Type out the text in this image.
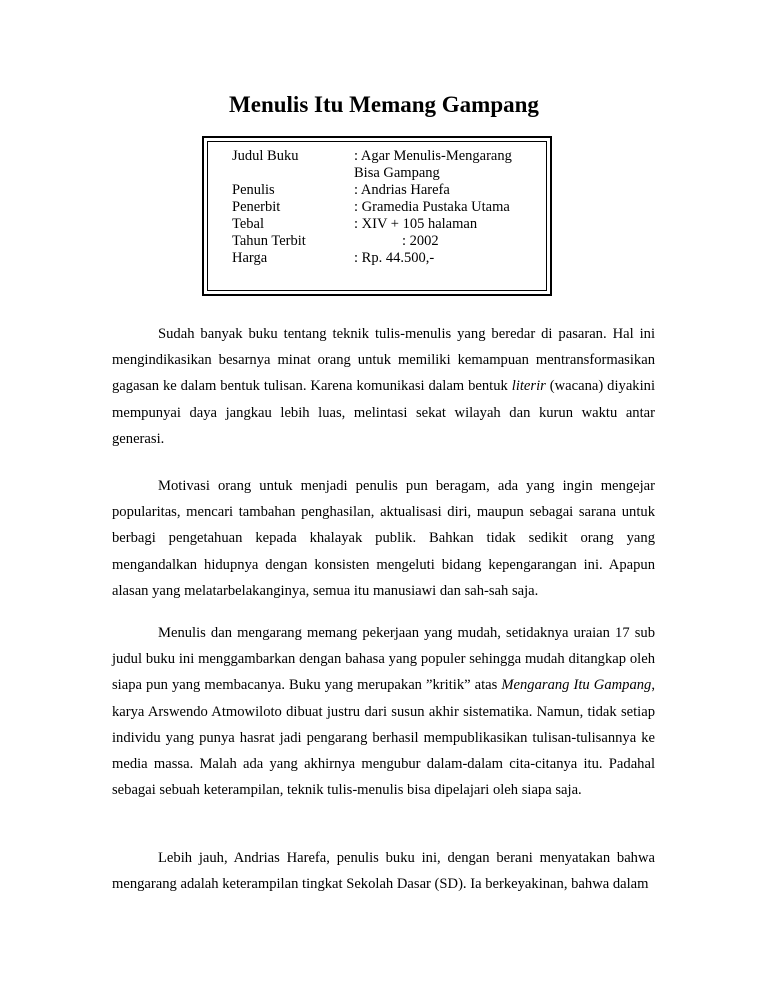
Menulis Itu Memang Gampang
Judul Buku	: Agar Menulis-Mengarang
Bisa Gampang
Penulis	: Andrias Harefa
Penerbit	: Gramedia Pustaka Utama
Tebal	: XIV + 105 halaman
Tahun Terbit	: 2002
Harga	: Rp. 44.500,-

Sudah banyak buku tentang teknik tulis-menulis yang beredar di pasaran. Hal ini mengindikasikan besarnya minat orang untuk memiliki kemampuan mentransformasikan gagasan ke dalam bentuk tulisan. Karena komunikasi dalam bentuk literir (wacana) diyakini mempunyai daya jangkau lebih luas, melintasi sekat wilayah dan kurun waktu antar generasi.

Motivasi orang untuk menjadi penulis pun beragam, ada yang ingin mengejar popularitas, mencari tambahan penghasilan, aktualisasi diri, maupun sebagai sarana untuk berbagi pengetahuan kepada khalayak publik. Bahkan tidak sedikit orang yang mengandalkan hidupnya dengan konsisten mengeluti bidang kepengarangan ini. Apapun alasan yang melatarbelakanginya, semua itu manusiawi dan sah-sah saja.

Menulis dan mengarang memang pekerjaan yang mudah, setidaknya uraian 17 sub judul buku ini menggambarkan dengan bahasa yang populer sehingga mudah ditangkap oleh siapa pun yang membacanya. Buku yang merupakan ”kritik” atas Mengarang Itu Gampang, karya Arswendo Atmowiloto dibuat justru dari susun akhir sistematika. Namun, tidak setiap individu yang punya hasrat jadi pengarang berhasil mempublikasikan tulisan-tulisannya ke media massa. Malah ada yang akhirnya mengubur dalam-dalam cita-citanya itu. Padahal sebagai sebuah keterampilan, teknik tulis-menulis bisa dipelajari oleh siapa saja.

Lebih jauh, Andrias Harefa, penulis buku ini, dengan berani menyatakan bahwa mengarang adalah keterampilan tingkat Sekolah Dasar (SD). Ia berkeyakinan, bahwa dalam
